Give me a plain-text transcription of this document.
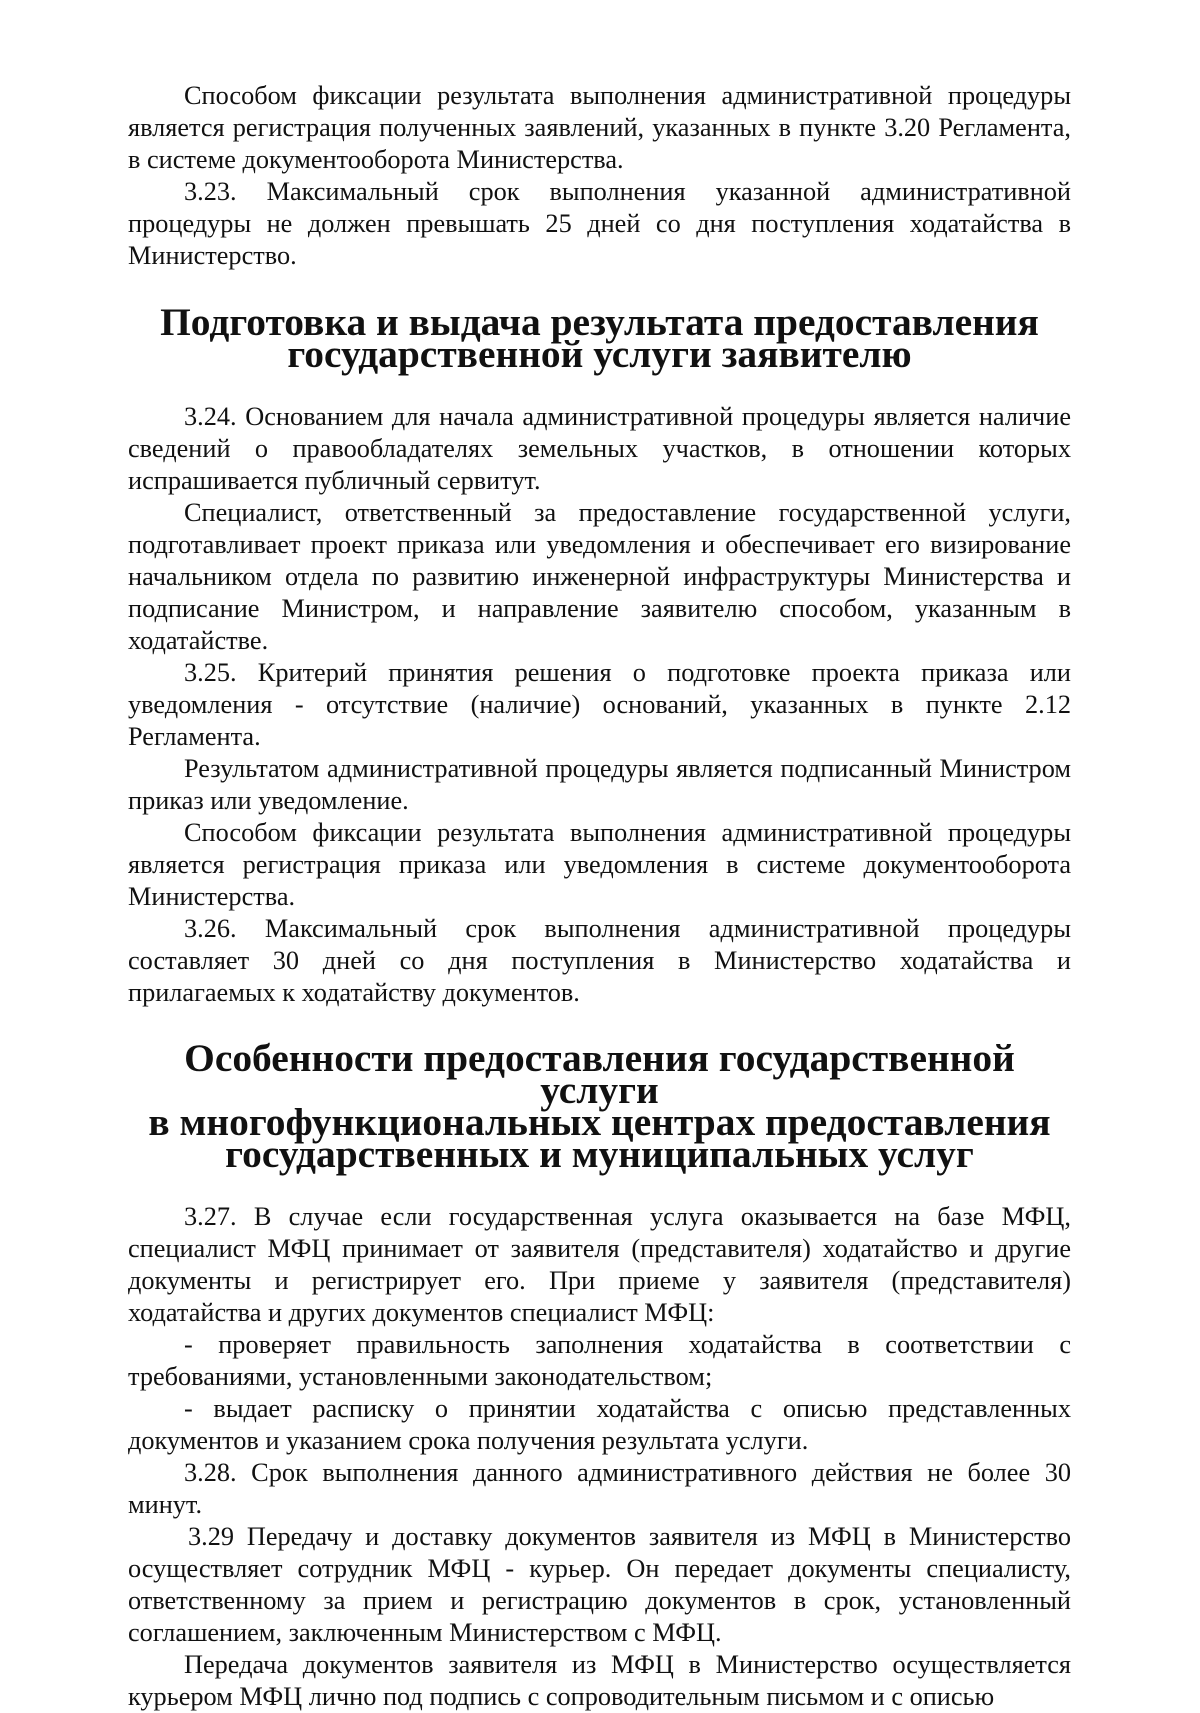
Способом фиксации результата выполнения административной процедуры является регистрация полученных заявлений, указанных в пункте 3.20 Регламента, в системе документооборота Министерства.

3.23. Максимальный срок выполнения указанной административной процедуры не должен превышать 25 дней со дня поступления ходатайства в Министерство.

Подготовка и выдача результата предоставления
государственной услуги заявителю

3.24. Основанием для начала административной процедуры является наличие сведений о правообладателях земельных участков, в отношении которых испрашивается публичный сервитут.

Специалист, ответственный за предоставление государственной услуги, подготавливает проект приказа или уведомления и обеспечивает его визирование начальником отдела по развитию инженерной инфраструктуры Министерства и подписание Министром, и направление заявителю способом, указанным в ходатайстве.

3.25. Критерий принятия решения о подготовке проекта приказа или уведомления - отсутствие (наличие) оснований, указанных в пункте 2.12 Регламента.

Результатом административной процедуры является подписанный Министром приказ или уведомление.

Способом фиксации результата выполнения административной процедуры является регистрация приказа или уведомления в системе документооборота Министерства.

3.26. Максимальный срок выполнения административной процедуры составляет 30 дней со дня поступления в Министерство ходатайства и прилагаемых к ходатайству документов.

Особенности предоставления государственной услуги
в многофункциональных центрах предоставления
государственных и муниципальных услуг

3.27. В случае если государственная услуга оказывается на базе МФЦ, специалист МФЦ принимает от заявителя (представителя) ходатайство и другие документы и регистрирует его. При приеме у заявителя (представителя) ходатайства и других документов специалист МФЦ:

- проверяет правильность заполнения ходатайства в соответствии с требованиями, установленными законодательством;

- выдает расписку о принятии ходатайства с описью представленных документов и указанием срока получения результата услуги.

3.28. Срок выполнения данного административного действия не более 30 минут.

3.29 Передачу и доставку документов заявителя из МФЦ в Министерство осуществляет сотрудник МФЦ - курьер. Он передает документы специалисту, ответственному за прием и регистрацию документов в срок, установленный соглашением, заключенным Министерством с МФЦ.

Передача документов заявителя из МФЦ в Министерство осуществляется курьером МФЦ лично под подпись с сопроводительным письмом и с описью
